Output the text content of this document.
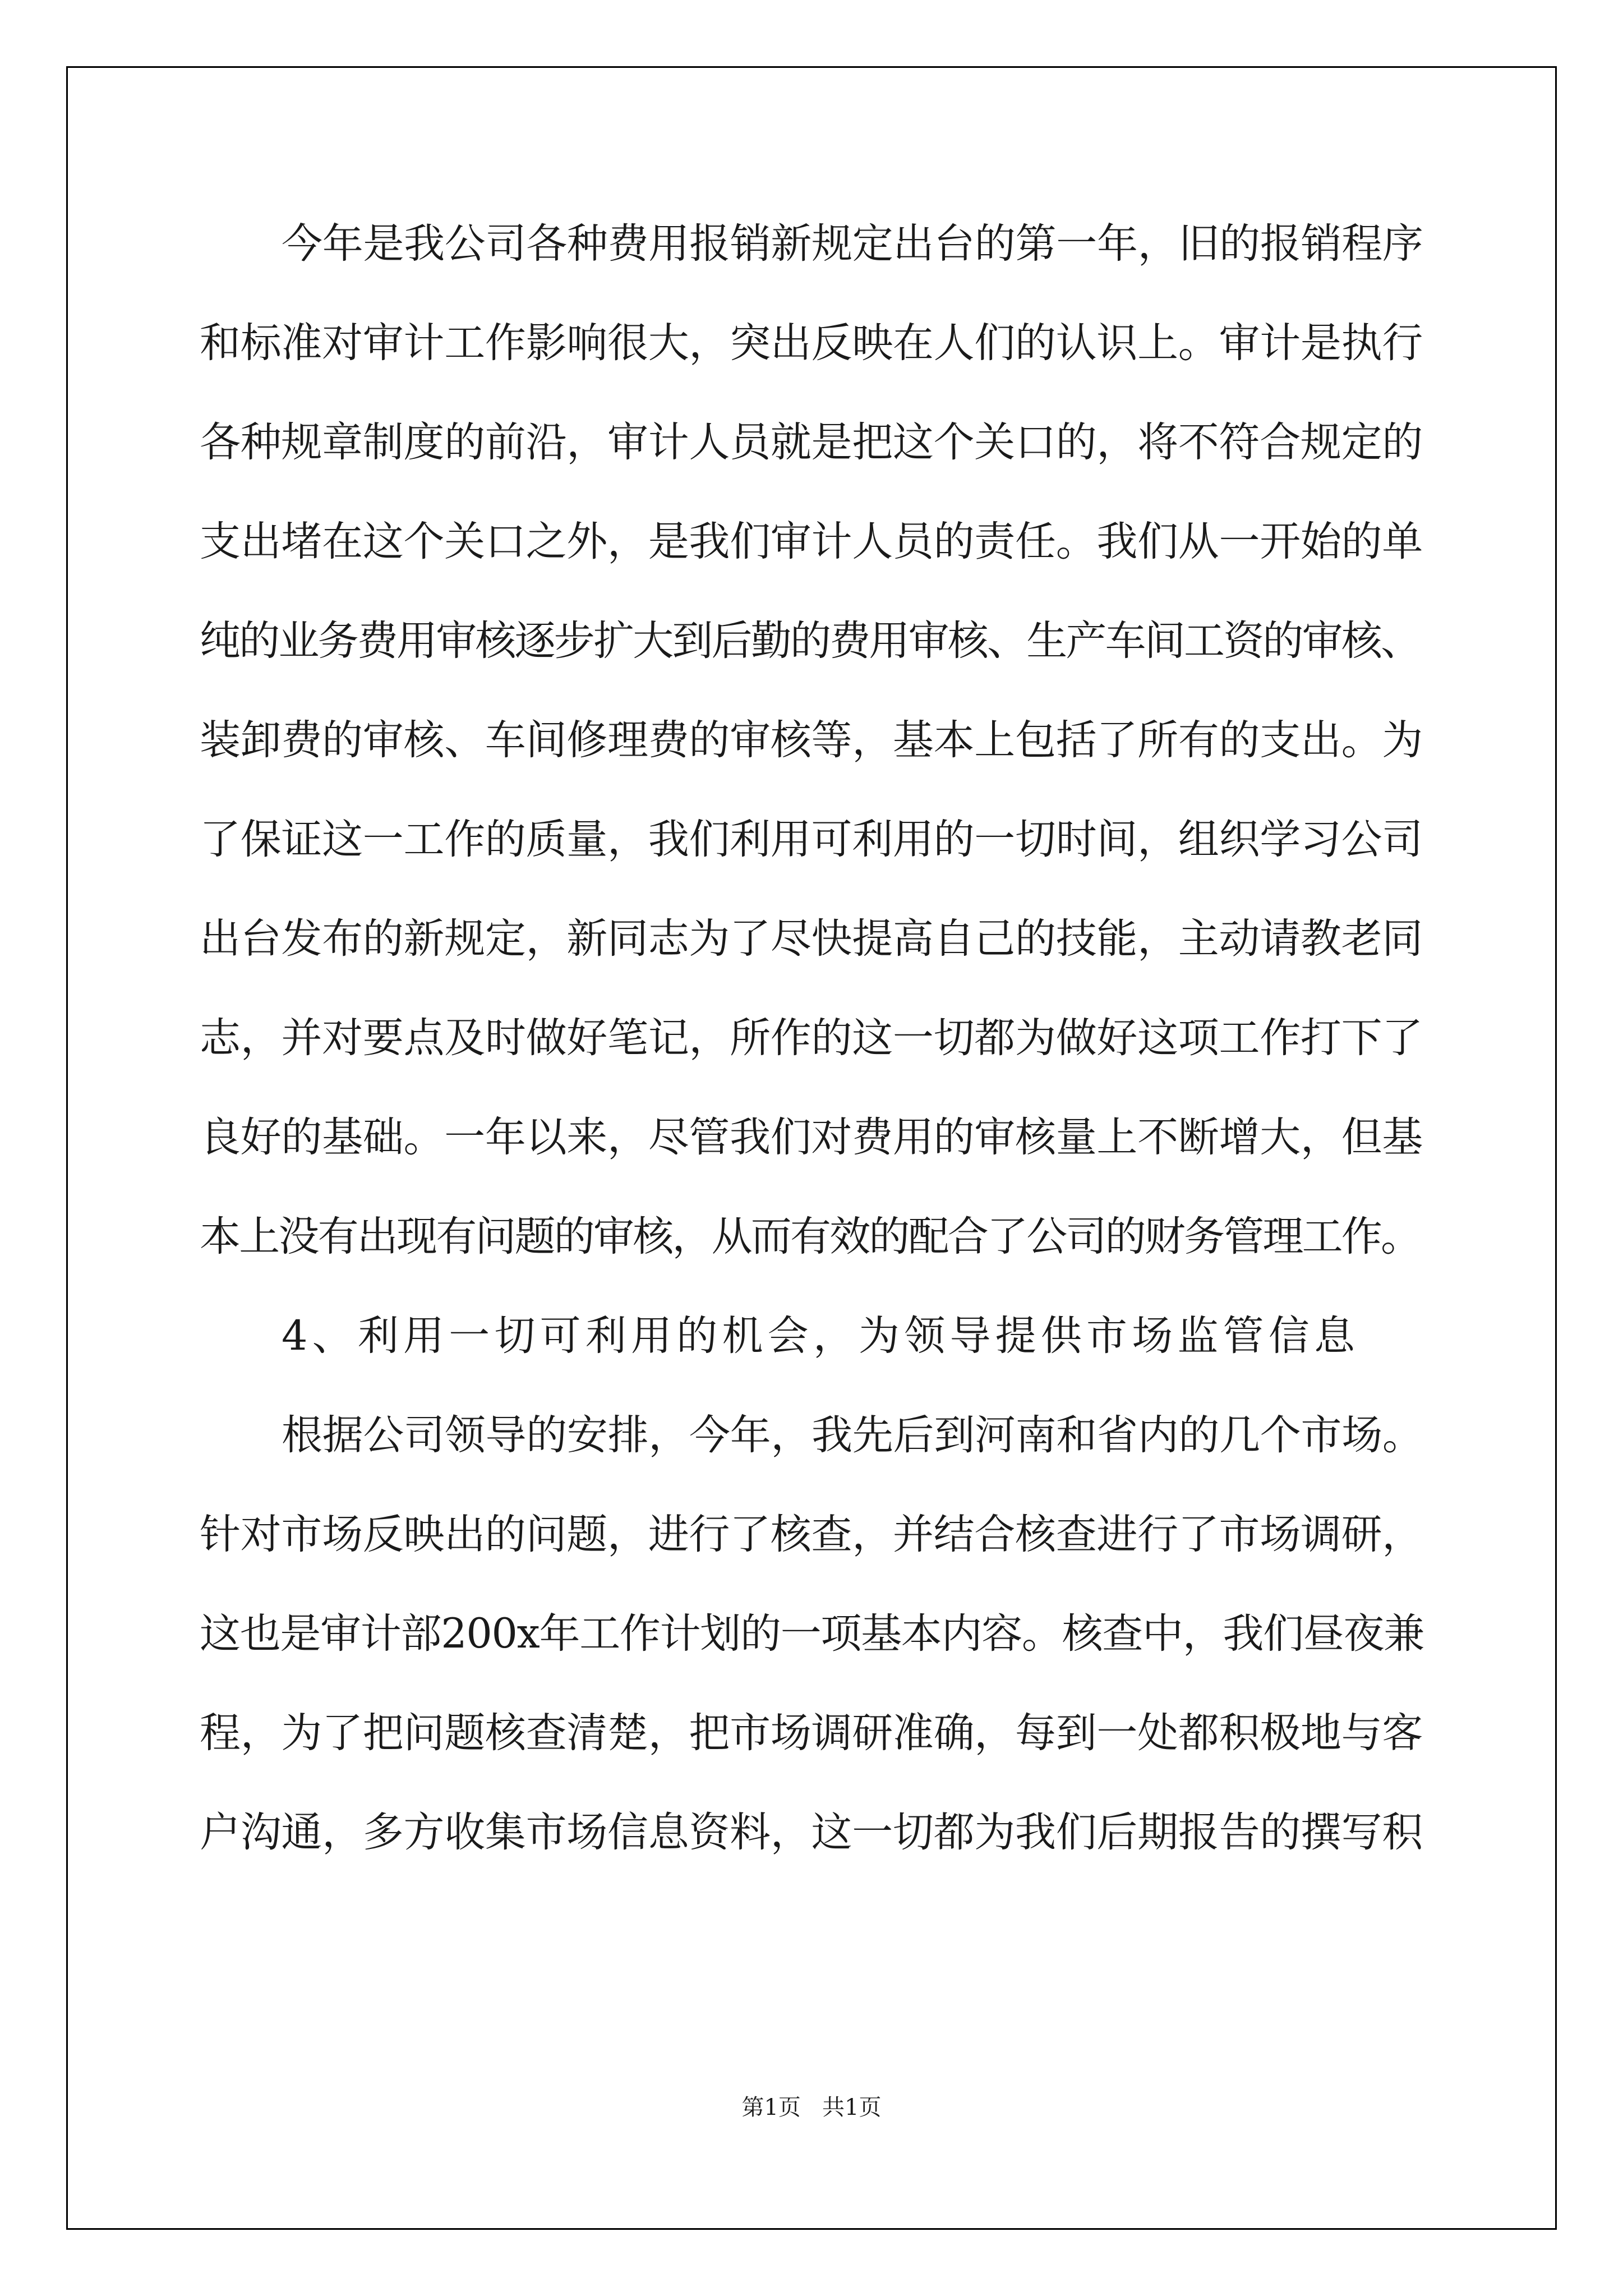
今年是我公司各种费用报销新规定出台的第一年，旧的报销程序
和标准对审计工作影响很大，突出反映在人们的认识上。审计是执行
各种规章制度的前沿，审计人员就是把这个关口的，将不符合规定的
支出堵在这个关口之外，是我们审计人员的责任。我们从一开始的单
纯的业务费用审核逐步扩大到后勤的费用审核、生产车间工资的审核、
装卸费的审核、车间修理费的审核等，基本上包括了所有的支出。为
了保证这一工作的质量，我们利用可利用的一切时间，组织学习公司
出台发布的新规定，新同志为了尽快提高自己的技能，主动请教老同
志，并对要点及时做好笔记，所作的这一切都为做好这项工作打下了
良好的基础。一年以来，尽管我们对费用的审核量上不断增大，但基
本上没有出现有问题的审核，从而有效的配合了公司的财务管理工作。
4、利用一切可利用的机会，为领导提供市场监管信息
根据公司领导的安排，今年，我先后到河南和省内的几个市场。
针对市场反映出的问题，进行了核查，并结合核查进行了市场调研，
这也是审计部200x年工作计划的一项基本内容。核查中，我们昼夜兼
程，为了把问题核查清楚，把市场调研准确，每到一处都积极地与客
户沟通，多方收集市场信息资料，这一切都为我们后期报告的撰写积
第1页   共1页
